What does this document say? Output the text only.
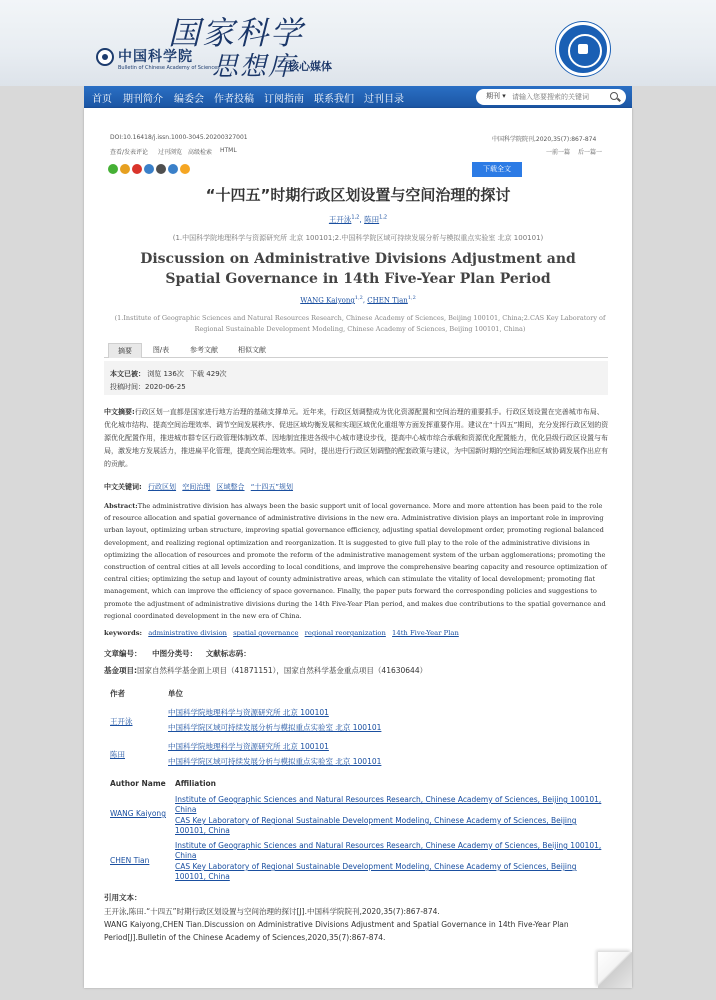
中国科学院
Bulletin of Chinese Academy of Sciences
国家科学
思想库
核心媒体
首页 期刊简介 编委会 作者投稿 订阅指南 联系我们 过刊目录	期刊 ▾
请输入您要搜索的关键词
DOI:10.16418/j.issn.1000-3045.20200327001	中国科学院院刊,2020,35(7):867-874
查看/发表评论 过刊浏览 高级检索 HTML	一前一篇 后一篇一
下载全文
“十四五”时期行政区划设置与空间治理的探讨
王开泳$^{1,2}$, 陈田$^{1,2}$
(1.中国科学院地理科学与资源研究所 北京 100101;2.中国科学院区域可持续发展分析与模拟重点实验室 北京 100101)
Discussion on Administrative Divisions Adjustment and Spatial Governance in 14th Five-Year Plan Period
WANG Kaiyong$^{1,2}$, CHEN Tian$^{1,2}$
(1.Institute of Geographic Sciences and Natural Resources Research, Chinese Academy of Sciences, Beijing 100101, China;2.CAS Key Laboratory of Regional Sustainable Development Modeling, Chinese Academy of Sciences, Beijing 100101, China)
摘要	图/表	参考文献	相似文献
本文已被： 浏览 136次 下载 429次
投稿时间：2020-06-25
中文摘要:行政区划一直都是国家进行地方治理的基础支撑单元。近年来，行政区划调整成为优化资源配置和空间治理的重要抓手。行政区划设置在完善城市布局、优化城市结构、提高空间治理效率、调节空间发展秩序、促进区域均衡发展和实现区域优化重组等方面发挥重要作用。建议在“十四五”期间，充分发挥行政区划的资源优化配置作用，推进城市群专区行政管理体制改革、因地制宜推进各级中心城市建设步伐，提高中心城市综合承载和资源优化配置能力，优化县级行政区设置与布局，激发地方发展活力，推进扁平化管理，提高空间治理效率。同时，提出进行行政区划调整的配套政策与建议，为中国新时期的空间治理和区域协调发展作出应有的贡献。
中文关键词: 行政区划 空间治理 区域整合 “十四五”规划
Abstract:The administrative division has always been the basic support unit of local governance. More and more attention has been paid to the role of resource allocation and spatial governance of administrative divisions in the new era. Administrative division plays an important role in improving urban layout, optimizing urban structure, improving spatial governance efficiency, adjusting spatial development order, promoting regional balanced development, and realizing regional optimization and reorganization. It is suggested to give full play to the role of the administrative divisions in optimizing the allocation of resources and promote the reform of the administrative management system of the urban agglomerations; promoting the construction of central cities at all levels according to local conditions, and improve the comprehensive bearing capacity and resource optimization of central cities; optimizing the setup and layout of county administrative areas, which can stimulate the vitality of local development; promoting flat management, which can improve the efficiency of space governance. Finally, the paper puts forward the corresponding policies and suggestions to promote the adjustment of administrative divisions during the 14th Five-Year Plan period, and makes due contributions to the spatial governance and regional coordinated development in the new era of China.
keywords: administrative division spatial governance regional reorganization 14th Five-Year Plan
文章编号： 中图分类号： 文献标志码：
基金项目:国家自然科学基金面上项目（41871151），国家自然科学基金重点项目（41630644）
作者	单位
王开泳
中国科学院地理科学与资源研究所 北京 100101
中国科学院区域可持续发展分析与模拟重点实验室 北京 100101
陈田
中国科学院地理科学与资源研究所 北京 100101
中国科学院区域可持续发展分析与模拟重点实验室 北京 100101
Author Name Affiliation
WANG Kaiyong
Institute of Geographic Sciences and Natural Resources Research, Chinese Academy of Sciences, Beijing 100101,
China
CAS Key Laboratory of Regional Sustainable Development Modeling, Chinese Academy of Sciences, Beijing
100101, China
CHEN Tian
Institute of Geographic Sciences and Natural Resources Research, Chinese Academy of Sciences, Beijing 100101,
China
CAS Key Laboratory of Regional Sustainable Development Modeling, Chinese Academy of Sciences, Beijing
100101, China
引用文本：
王开泳,陈田.“十四五”时期行政区划设置与空间治理的探讨[J].中国科学院院刊,2020,35(7):867-874.
WANG Kaiyong,CHEN Tian.Discussion on Administrative Divisions Adjustment and Spatial Governance in 14th Five-Year Plan
Period[J].Bulletin of the Chinese Academy of Sciences,2020,35(7):867-874.
